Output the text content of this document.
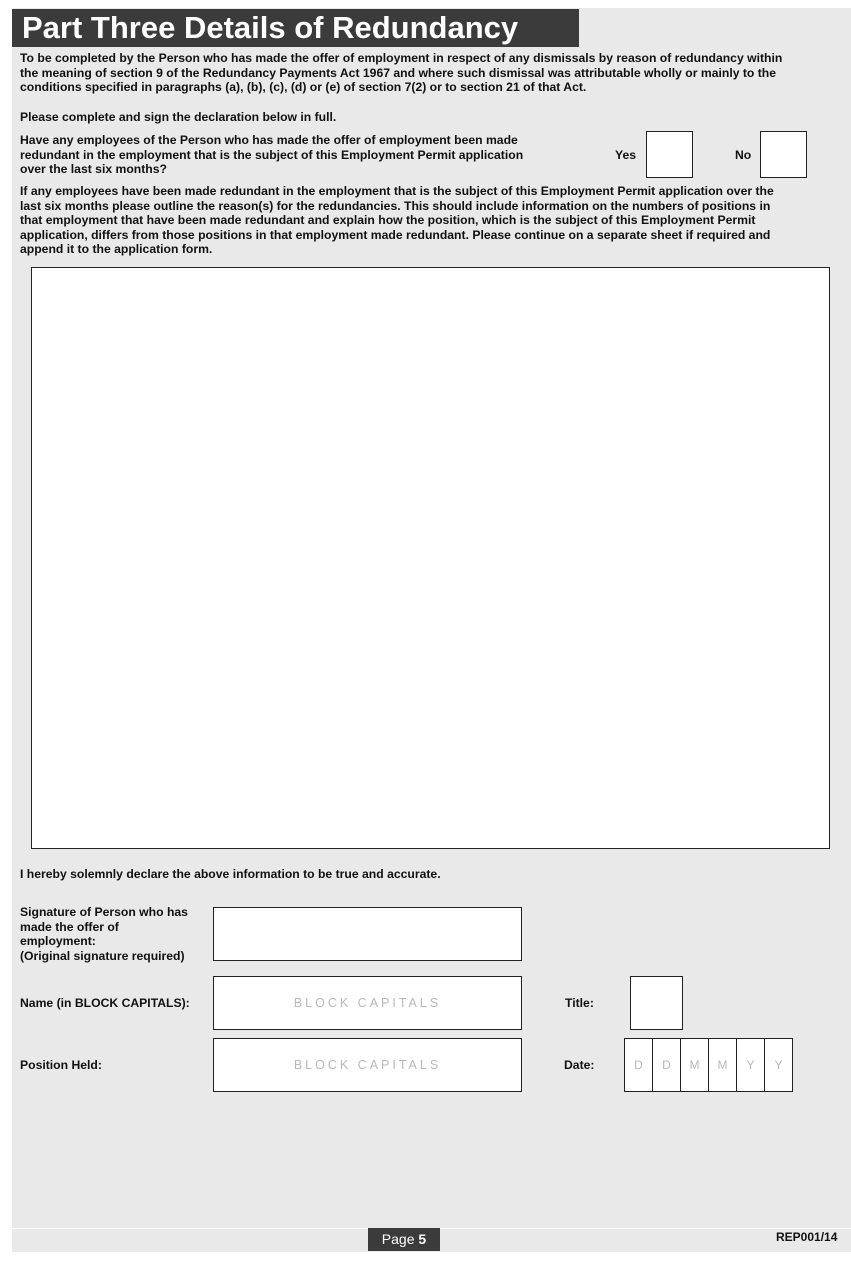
Part Three Details of Redundancy
To be completed by the Person who has made the offer of employment in respect of any dismissals by reason of redundancy within
the meaning of section 9 of the Redundancy Payments Act 1967 and where such dismissal was attributable wholly or mainly to the
conditions specified in paragraphs (a), (b), (c), (d) or (e) of section 7(2) or to section 21 of that Act.
Please complete and sign the declaration below in full.
Have any employees of the Person who has made the offer of employment been made
redundant in the employment that is the subject of this Employment Permit application
over the last six months?
Yes	No
If any employees have been made redundant in the employment that is the subject of this Employment Permit application over the
last six months please outline the reason(s) for the redundancies. This should include information on the numbers of positions in
that employment that have been made redundant and explain how the position, which is the subject of this Employment Permit
application, differs from those positions in that employment made redundant. Please continue on a separate sheet if required and
append it to the application form.
I hereby solemnly declare the above information to be true and accurate.
Signature of Person who has
made the offer of
employment:
(Original signature required)
Name (in BLOCK CAPITALS):	BLOCK CAPITALS	Title:
Position Held:	BLOCK CAPITALS	Date:	D	D	M	M	Y	Y
Page 5	REP001/14
